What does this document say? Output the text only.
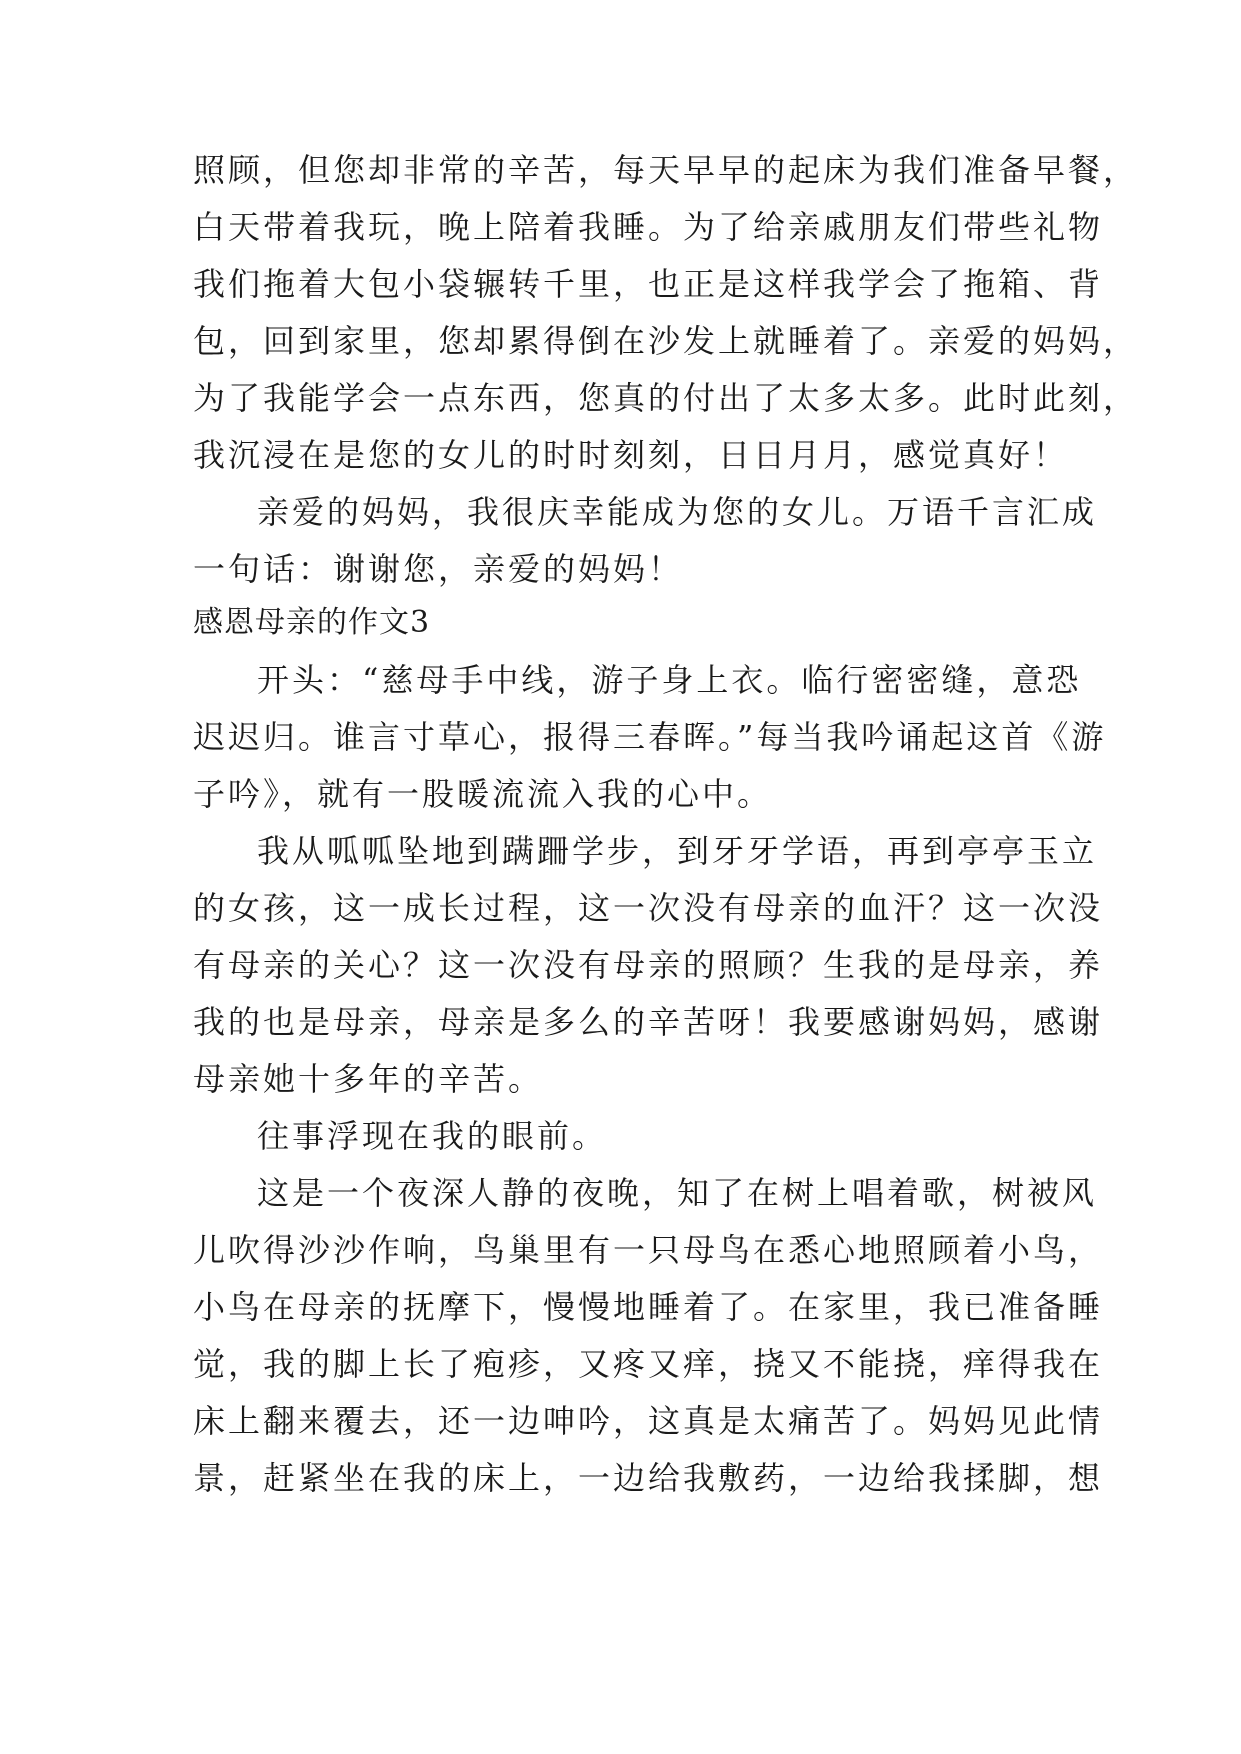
照顾，但您却非常的辛苦，每天早早的起床为我们准备早餐，
白天带着我玩，晚上陪着我睡。为了给亲戚朋友们带些礼物
我们拖着大包小袋辗转千里，也正是这样我学会了拖箱、背
包，回到家里，您却累得倒在沙发上就睡着了。亲爱的妈妈，
为了我能学会一点东西，您真的付出了太多太多。此时此刻，
我沉浸在是您的女儿的时时刻刻，日日月月，感觉真好！
亲爱的妈妈，我很庆幸能成为您的女儿。万语千言汇成
一句话：谢谢您，亲爱的妈妈！
感恩母亲的作文3
开头：“慈母手中线，游子身上衣。临行密密缝，意恐
迟迟归。谁言寸草心，报得三春晖。”每当我吟诵起这首《游
子吟》，就有一股暖流流入我的心中。
我从呱呱坠地到蹒跚学步，到牙牙学语，再到亭亭玉立
的女孩，这一成长过程，这一次没有母亲的血汗？这一次没
有母亲的关心？这一次没有母亲的照顾？生我的是母亲，养
我的也是母亲，母亲是多么的辛苦呀！我要感谢妈妈，感谢
母亲她十多年的辛苦。
往事浮现在我的眼前。
这是一个夜深人静的夜晚，知了在树上唱着歌，树被风
儿吹得沙沙作响，鸟巢里有一只母鸟在悉心地照顾着小鸟，
小鸟在母亲的抚摩下，慢慢地睡着了。在家里，我已准备睡
觉，我的脚上长了疱疹，又疼又痒，挠又不能挠，痒得我在
床上翻来覆去，还一边呻吟，这真是太痛苦了。妈妈见此情
景，赶紧坐在我的床上，一边给我敷药，一边给我揉脚，想
